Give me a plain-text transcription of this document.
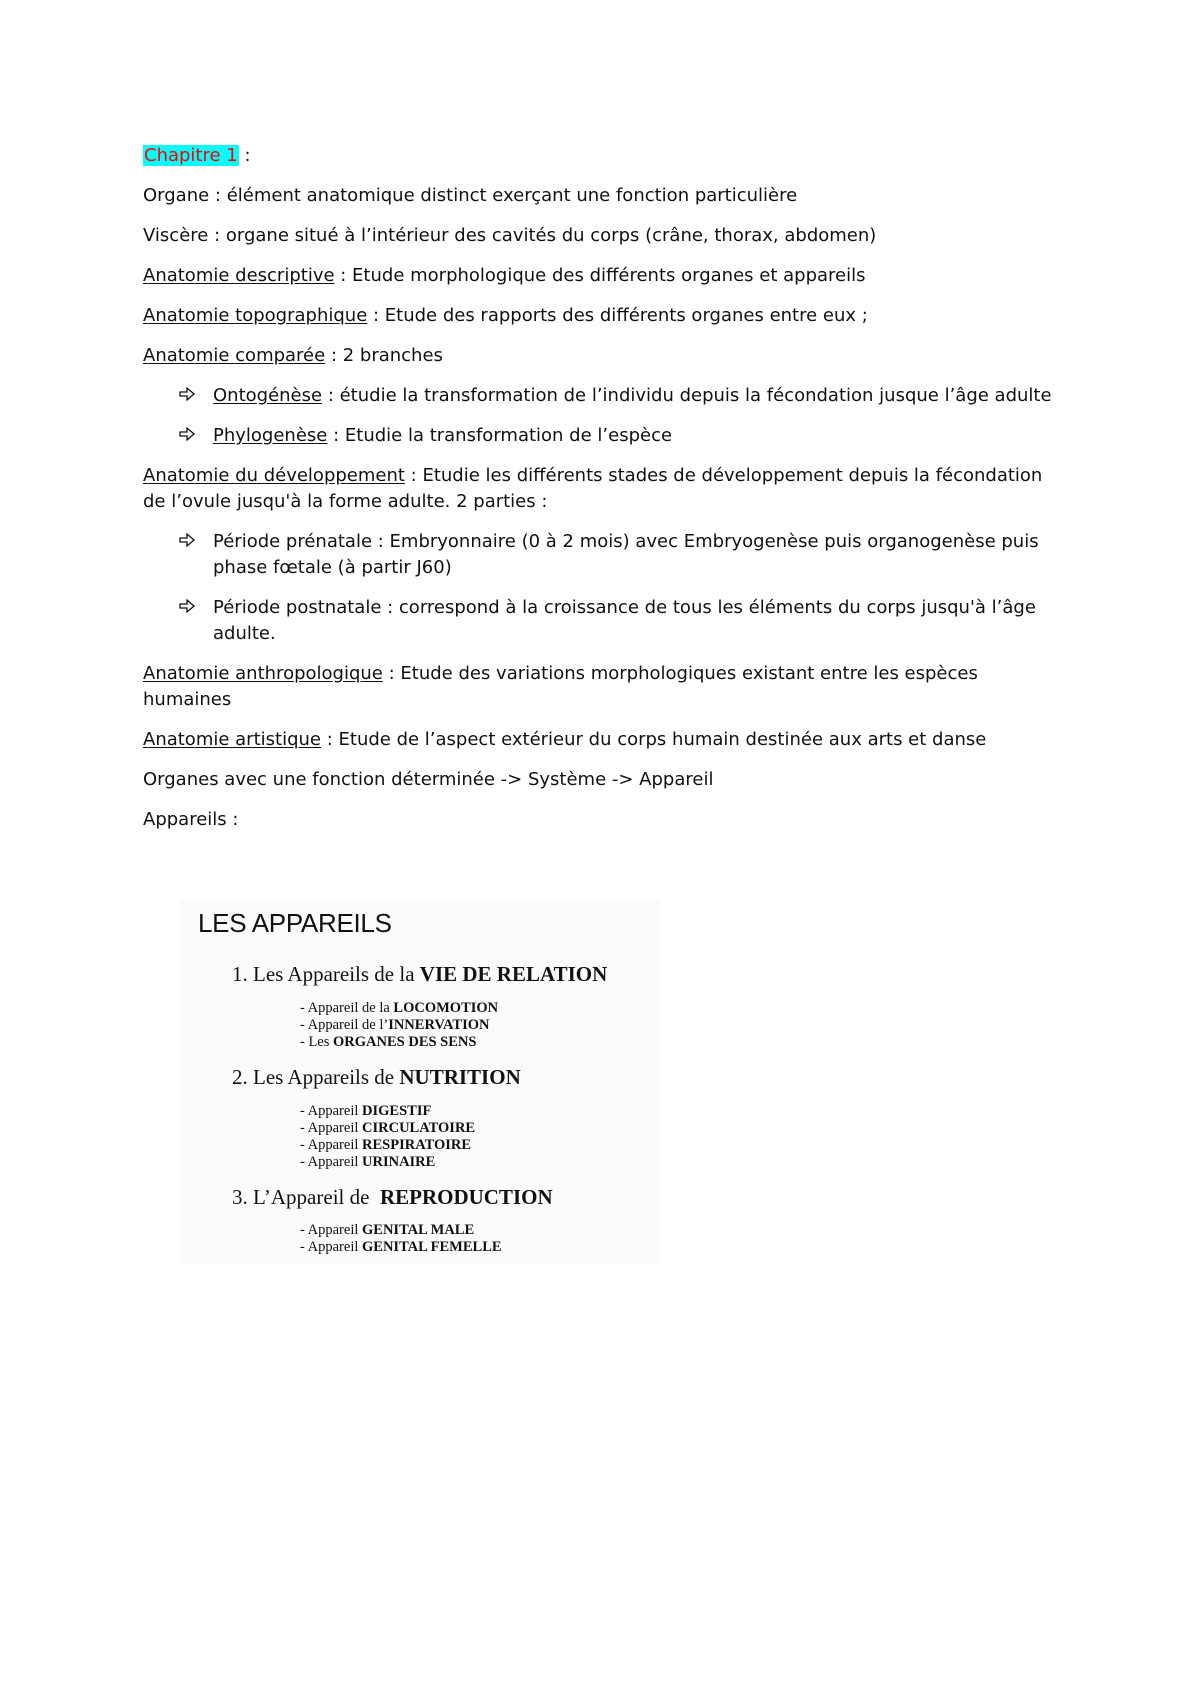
Chapitre 1 :
Organe : élément anatomique distinct exerçant une fonction particulière
Viscère : organe situé à l’intérieur des cavités du corps (crâne, thorax, abdomen)
Anatomie descriptive : Etude morphologique des différents organes et appareils
Anatomie topographique : Etude des rapports des différents organes entre eux ;
Anatomie comparée : 2 branches
Ontogénèse : étudie la transformation de l’individu depuis la fécondation jusque l’âge adulte
Phylogenèse : Etudie la transformation de l’espèce
Anatomie du développement : Etudie les différents stades de développement depuis la fécondation
de l’ovule jusqu'à la forme adulte. 2 parties :
Période prénatale : Embryonnaire (0 à 2 mois) avec Embryogenèse puis organogenèse puis
phase fœtale (à partir J60)
Période postnatale : correspond à la croissance de tous les éléments du corps jusqu'à l’âge
adulte.
Anatomie anthropologique : Etude des variations morphologiques existant entre les espèces
humaines
Anatomie artistique : Etude de l’aspect extérieur du corps humain destinée aux arts et danse
Organes avec une fonction déterminée -> Système -> Appareil
Appareils :
LES APPAREILS
1. Les Appareils de la VIE DE RELATION
- Appareil de la LOCOMOTION
- Appareil de l’INNERVATION
- Les ORGANES DES SENS
2. Les Appareils de NUTRITION
- Appareil DIGESTIF
- Appareil CIRCULATOIRE
- Appareil RESPIRATOIRE
- Appareil URINAIRE
3. L’Appareil de  REPRODUCTION
- Appareil GENITAL MALE
- Appareil GENITAL FEMELLE
